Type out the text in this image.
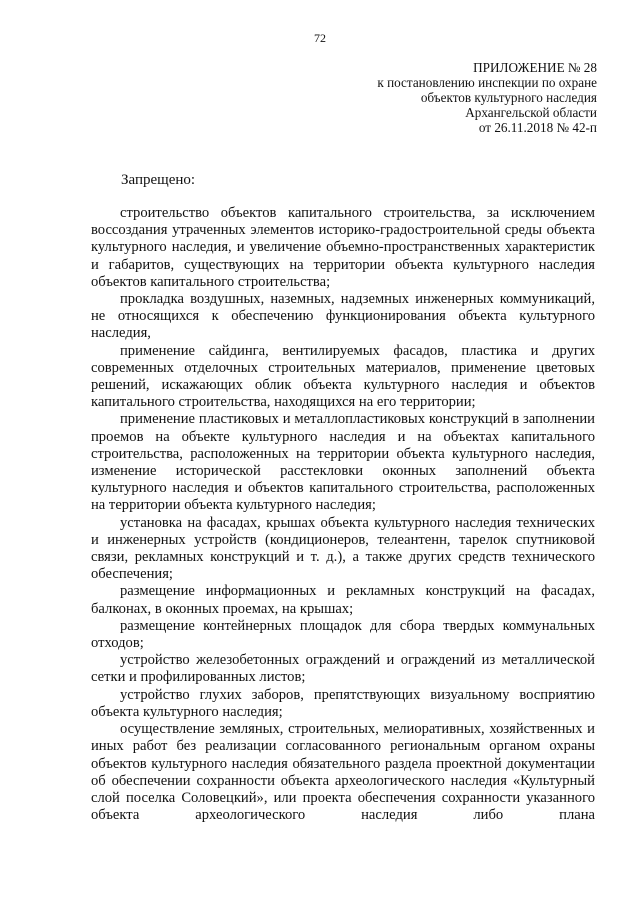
72
ПРИЛОЖЕНИЕ № 28
к постановлению инспекции по охране
объектов культурного наследия
Архангельской области
от 26.11.2018 № 42-п
Запрещено:

строительство объектов капитального строительства, за исключением воссоздания утраченных элементов историко-градостроительной среды объекта культурного наследия, и увеличение объемно-пространственных характеристик и габаритов, существующих на территории объекта культурного наследия объектов капитального строительства;

прокладка воздушных, наземных, надземных инженерных коммуникаций, не относящихся к обеспечению функционирования объекта культурного наследия,

применение сайдинга, вентилируемых фасадов, пластика и других современных отделочных строительных материалов, применение цветовых решений, искажающих облик объекта культурного наследия и объектов капитального строительства, находящихся на его территории;

применение пластиковых и металлопластиковых конструкций в заполнении проемов на объекте культурного наследия и на объектах капитального строительства, расположенных на территории объекта культурного наследия, изменение исторической расстекловки оконных заполнений объекта культурного наследия и объектов капитального строительства, расположенных на территории объекта культурного наследия;

установка на фасадах, крышах объекта культурного наследия технических и инженерных устройств (кондиционеров, телеантенн, тарелок спутниковой связи, рекламных конструкций и т. д.), а также других средств технического обеспечения;

размещение информационных и рекламных конструкций на фасадах, балконах, в оконных проемах, на крышах;

размещение контейнерных площадок для сбора твердых коммунальных отходов;

устройство железобетонных ограждений и ограждений из металлической сетки и профилированных листов;

устройство глухих заборов, препятствующих визуальному восприятию объекта культурного наследия;

осуществление земляных, строительных, мелиоративных, хозяйственных и иных работ без реализации согласованного региональным органом охраны объектов культурного наследия обязательного раздела проектной документации об обеспечении сохранности объекта археологического наследия «Культурный слой поселка Соловецкий», или проекта обеспечения сохранности указанного объекта археологического наследия либо плана
